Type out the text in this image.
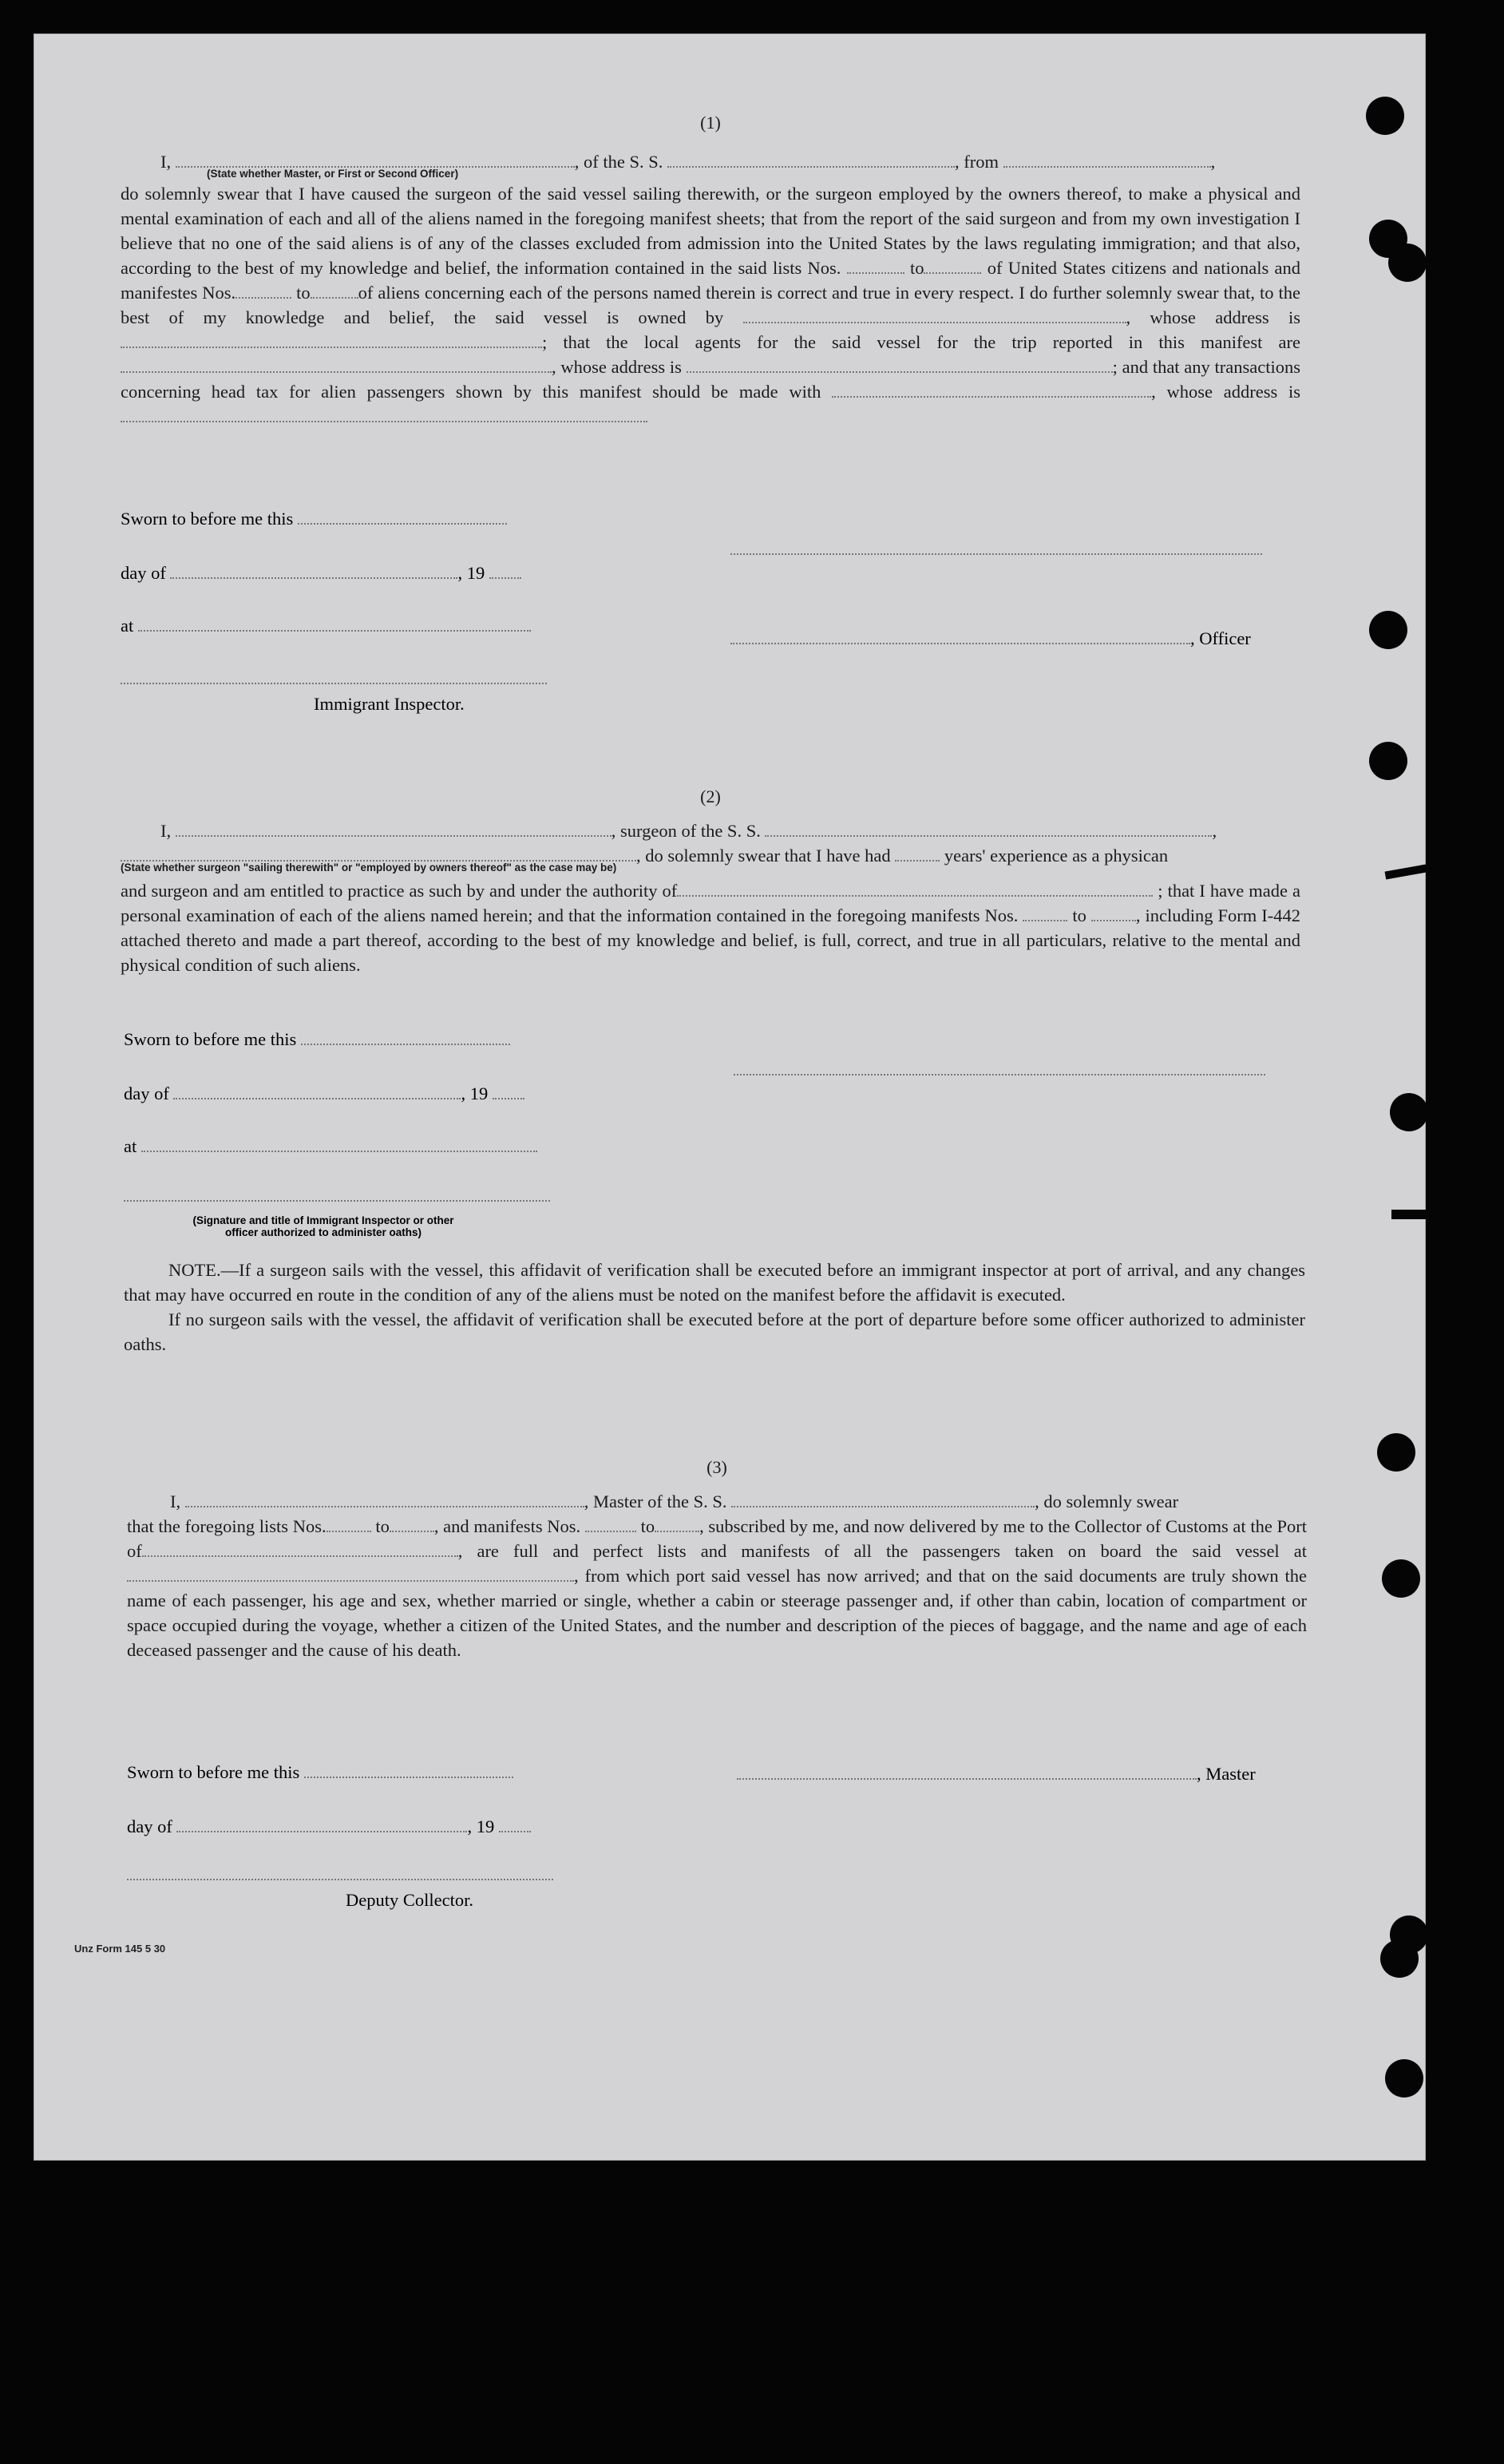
(1)

I,	, of the S. S.	, from	,

(State whether Master, or First or Second Officer)

do solemnly swear that I have caused the surgeon of the said vessel sailing therewith, or the surgeon employed by the owners thereof, to make a physical and mental examination of each and all of the aliens named in the foregoing manifest sheets; that from the report of the said surgeon and from my own investigation I believe that no one of the said aliens is of any of the classes excluded from admission into the United States by the laws regulating immigration; and that also, according to the best of my knowledge and belief, the information contained in the said lists Nos.	to	of United States citizens and nationals and manifestes Nos.	to	of aliens concerning each of the persons named therein is correct and true in every respect. I do further solemnly swear that, to the best of my knowledge and belief, the said vessel is owned by	, whose address is ; that the local agents for the said vessel for the trip reported in this manifest are , whose address is	; and that any transactions concerning head tax for alien passengers shown by this manifest should be made with	, whose address is

Sworn to before me this
day of	, 19
at
, Officer
Immigrant Inspector.

(2)

I,	, surgeon of the S. S.	,

, do solemnly swear that I have had	years' experience as a physican

(State whether surgeon "sailing therewith" or "employed by owners thereof" as the case may be)

and surgeon and am entitled to practice as such by and under the authority of	; that I have made a personal examination of each of the aliens named herein; and that the information contained in the foregoing manifests Nos.	to	, including Form I-442 attached thereto and made a part thereof, according to the best of my knowledge and belief, is full, correct, and true in all particulars, relative to the mental and physical condition of such aliens.

Sworn to before me this
day of	, 19
at
(Signature and title of Immigrant Inspector or other
officer authorized to administer oaths)

NOTE.—If a surgeon sails with the vessel, this affidavit of verification shall be executed before an immigrant inspector at port of arrival, and any changes that may have occurred en route in the condition of any of the aliens must be noted on the manifest before the affidavit is executed.

If no surgeon sails with the vessel, the affidavit of verification shall be executed before at the port of departure before some officer authorized to administer oaths.

(3)

I,	, Master of the S. S.	, do solemnly swear

that the foregoing lists Nos.	to , and manifests Nos.	to , subscribed by me, and now delivered by me to the Collector of Customs at the Port of	, are full and perfect lists and manifests of all the passengers taken on board the said vessel at, from which port said vessel has now arrived; and that on the said documents are truly shown the name of each passenger, his age and sex, whether married or single, whether a cabin or steerage passenger and, if other than cabin, location of compartment or space occupied during the voyage, whether a citizen of the United States, and the number and description of the pieces of baggage, and the name and age of each deceased passenger and the cause of his death.

Sworn to before me this	, Master
day of	, 19
Deputy Collector.
Unz Form 145 5 30
